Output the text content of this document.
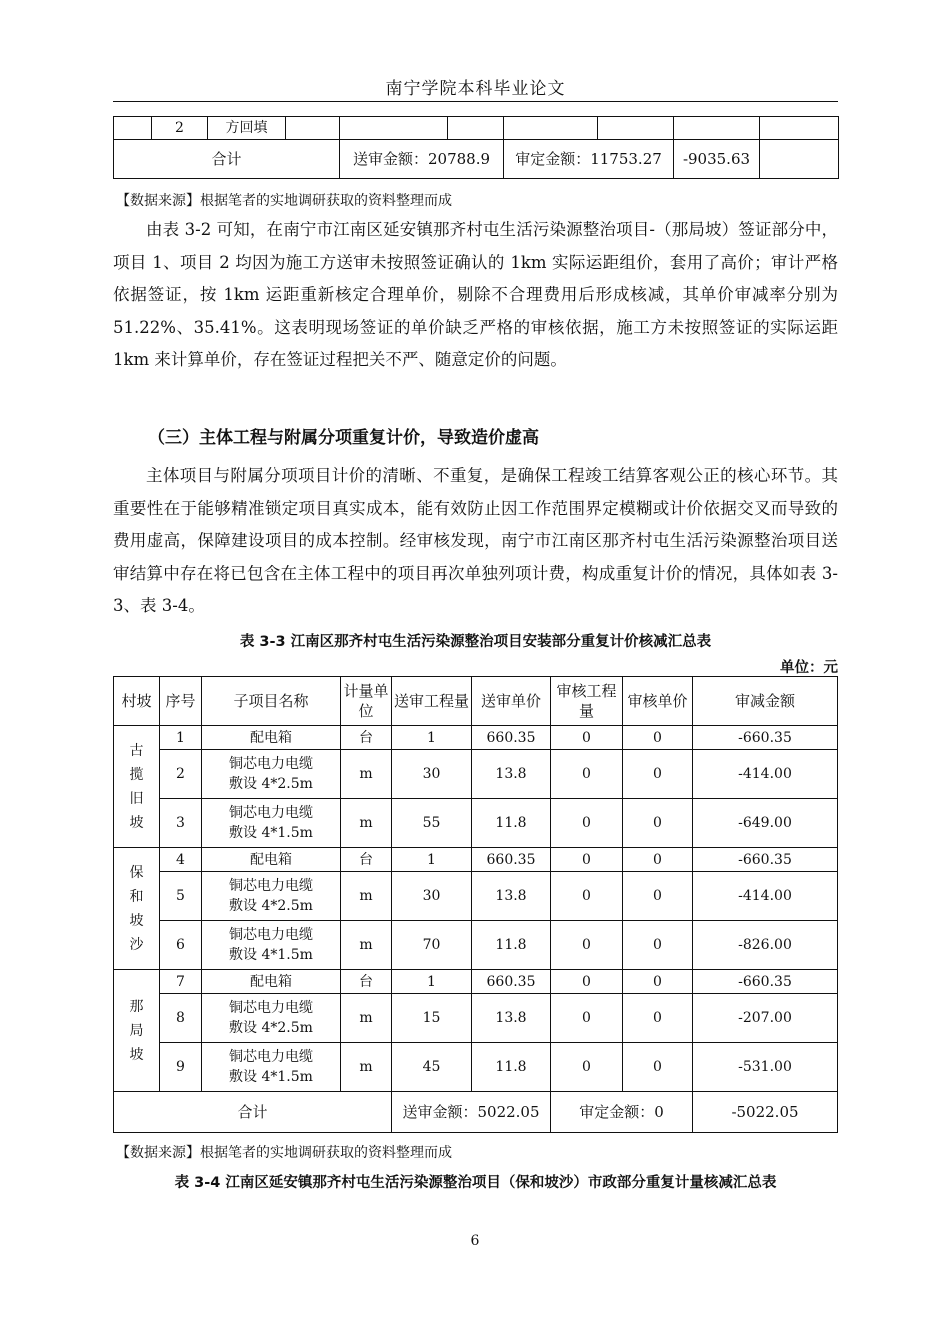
南宁学院本科毕业论文
	2	方回填							
合计				送审金额：20788.9		审定金额：11753.27		-9035.63	
【数据来源】根据笔者的实地调研获取的资料整理而成

由表 3-2 可知，在南宁市江南区延安镇那齐村屯生活污染源整治项目-（那局坡）签证部分中，项目 1、项目 2 均因为施工方送审未按照签证确认的 1km 实际运距组价，套用了高价；审计严格依据签证，按 1km 运距重新核定合理单价，剔除不合理费用后形成核减，其单价审减率分别为 51.22%、35.41%。这表明现场签证的单价缺乏严格的审核依据，施工方未按照签证的实际运距 1km 来计算单价，存在签证过程把关不严、随意定价的问题。

（三）主体工程与附属分项重复计价，导致造价虚高

主体项目与附属分项项目计价的清晰、不重复，是确保工程竣工结算客观公正的核心环节。其重要性在于能够精准锁定项目真实成本，能有效防止因工作范围界定模糊或计价依据交叉而导致的费用虚高，保障建设项目的成本控制。经审核发现，南宁市江南区那齐村屯生活污染源整治项目送审结算中存在将已包含在主体工程中的项目再次单独列项计费，构成重复计价的情况，具体如表 3-3、表 3-4。

表 3-3 江南区那齐村屯生活污染源整治项目安装部分重复计价核减汇总表
单位：元
村坡	序号	子项目名称	计量单位	送审工程量	送审单价	审核工程量	审核单价	审减金额
古揽旧坡	1	配电箱	台	1	660.35	0	0	-660.35
	2	铜芯电力电缆
敷设 4*2.5m	m	30	13.8	0	0	-414.00
	3	铜芯电力电缆
敷设 4*1.5m	m	55	11.8	0	0	-649.00
保和坡沙	4	配电箱	台	1	660.35	0	0	-660.35
	5	铜芯电力电缆
敷设 4*2.5m	m	30	13.8	0	0	-414.00
	6	铜芯电力电缆
敷设 4*1.5m	m	70	11.8	0	0	-826.00
那局坡	7	配电箱	台	1	660.35	0	0	-660.35
	8	铜芯电力电缆
敷设 4*2.5m	m	15	13.8	0	0	-207.00
	9	铜芯电力电缆
敷设 4*1.5m	m	45	11.8	0	0	-531.00
合计				送审金额：5022.05		审定金额：0		-5022.05
【数据来源】根据笔者的实地调研获取的资料整理而成
表 3-4 江南区延安镇那齐村屯生活污染源整治项目（保和坡沙）市政部分重复计量核减汇总表
6
